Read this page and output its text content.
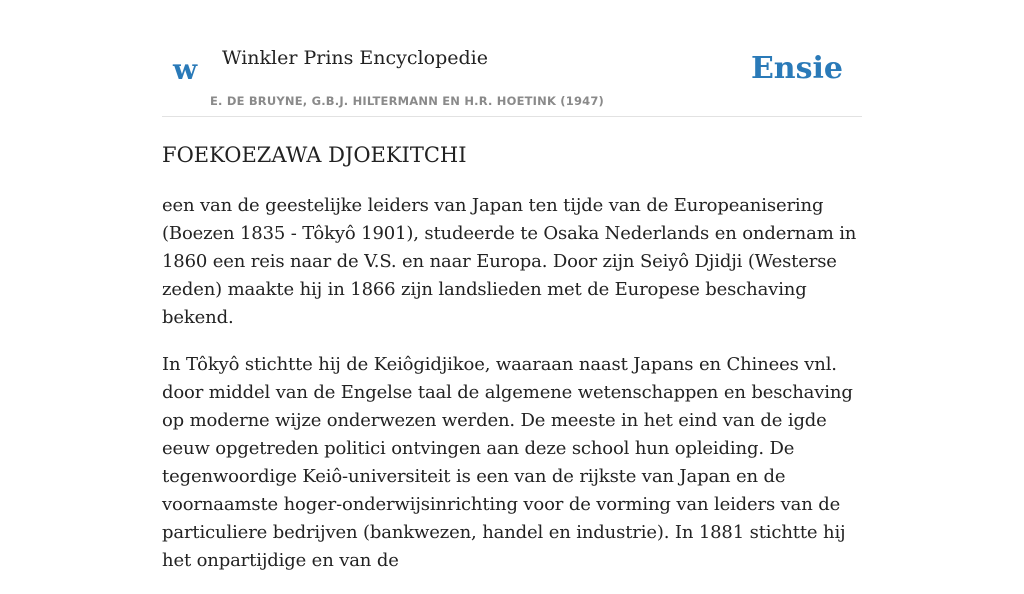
w Winkler Prins Encyclopedie
E. DE BRUYNE, G.B.J. HILTERMANN EN H.R. HOETINK (1947)
Ensie
FOEKOEZAWA DJOEKITCHI

een van de geestelijke leiders van Japan ten tijde van de Europeanisering (Boezen 1835 - Tôkyô 1901), studeerde te Osaka Nederlands en ondernam in 1860 een reis naar de V.S. en naar Europa. Door zijn Seiyô Djidji (Westerse zeden) maakte hij in 1866 zijn landslieden met de Europese beschaving bekend.

In Tôkyô stichtte hij de Keiôgidjikoe, waaraan naast Japans en Chinees vnl. door middel van de Engelse taal de algemene wetenschappen en beschaving op moderne wijze onderwezen werden. De meeste in het eind van de igde eeuw opgetreden politici ontvingen aan deze school hun opleiding. De tegenwoordige Keiô-universiteit is een van de rijkste van Japan en de voornaamste hoger-onderwijsinrichting voor de vorming van leiders van de particuliere bedrijven (bankwezen, handel en industrie). In 1881 stichtte hij het onpartijdige en van de
